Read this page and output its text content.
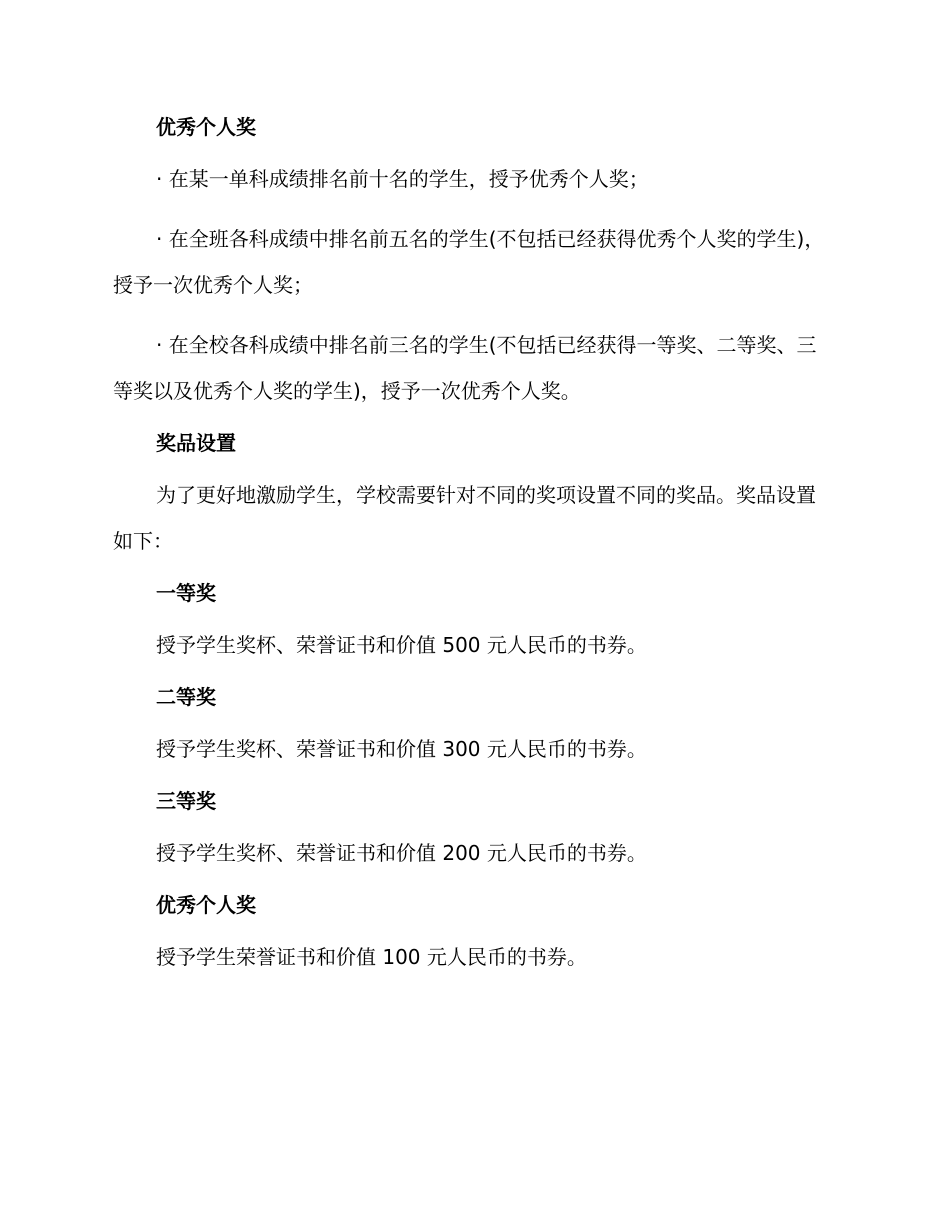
优秀个人奖

· 在某一单科成绩排名前十名的学生，授予优秀个人奖；

· 在全班各科成绩中排名前五名的学生(不包括已经获得优秀个人奖的学生)，授予一次优秀个人奖；

· 在全校各科成绩中排名前三名的学生(不包括已经获得一等奖、二等奖、三等奖以及优秀个人奖的学生)，授予一次优秀个人奖。

奖品设置

为了更好地激励学生，学校需要针对不同的奖项设置不同的奖品。奖品设置如下：

一等奖

授予学生奖杯、荣誉证书和价值 500 元人民币的书券。

二等奖

授予学生奖杯、荣誉证书和价值 300 元人民币的书券。

三等奖

授予学生奖杯、荣誉证书和价值 200 元人民币的书券。

优秀个人奖

授予学生荣誉证书和价值 100 元人民币的书券。
